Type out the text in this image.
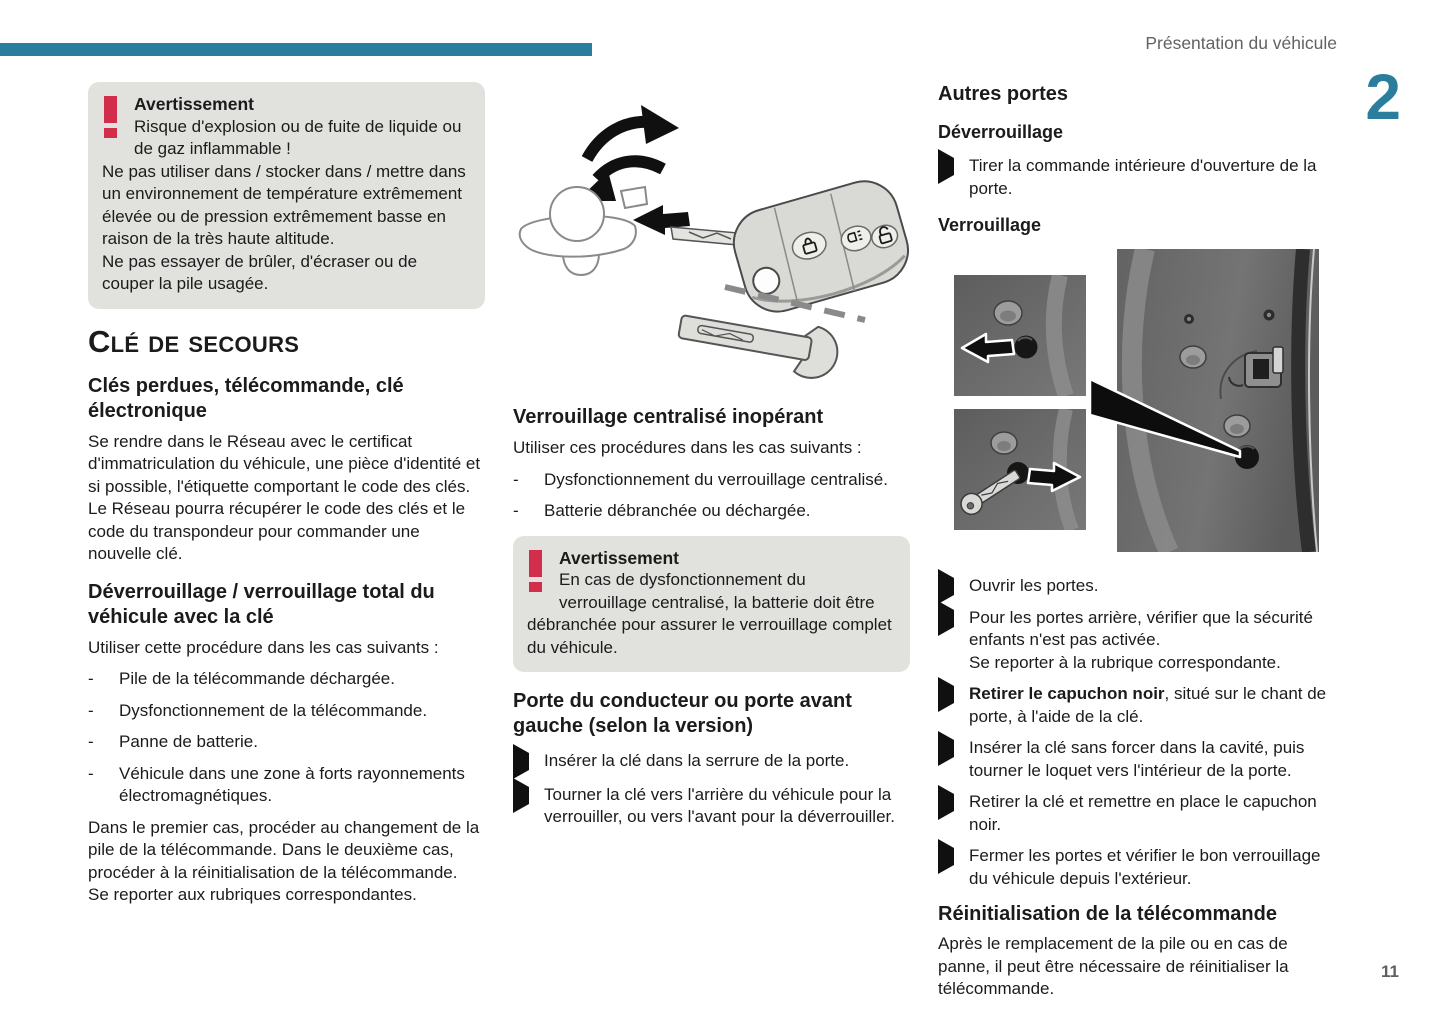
Présentation du véhicule
2
11
Avertissement

Risque d'explosion ou de fuite de liquide ou de gaz inflammable !

Ne pas utiliser dans / stocker dans / mettre dans un environnement de température extrêmement élevée ou de pression extrêmement basse en raison de la très haute altitude.

Ne pas essayer de brûler, d'écraser ou de couper la pile usagée.

Clé de secours
Clés perdues, télécommande, clé électronique

Se rendre dans le Réseau avec le certificat d'immatriculation du véhicule, une pièce d'identité et si possible, l'étiquette comportant le code des clés. Le Réseau pourra récupérer le code des clés et le code du transpondeur pour commander une nouvelle clé.

Déverrouillage / verrouillage total du véhicule avec la clé

Utiliser cette procédure dans les cas suivants :

-	Pile de la télécommande déchargée.

-	Dysfonctionnement de la télécommande.

-	Panne de batterie.

-	Véhicule dans une zone à forts rayonnements électromagnétiques.

Dans le premier cas, procéder au changement de la pile de la télécommande. Dans le deuxième cas, procéder à la réinitialisation de la télécommande.

Se reporter aux rubriques correspondantes.

Verrouillage centralisé inopérant

Utiliser ces procédures dans les cas suivants :

-	Dysfonctionnement du verrouillage centralisé.

-	Batterie débranchée ou déchargée.

Avertissement

En cas de dysfonctionnement du verrouillage centralisé, la batterie doit être débranchée pour assurer le verrouillage complet du véhicule.

Porte du conducteur ou porte avant gauche (selon la version)

Insérer la clé dans la serrure de la porte.

Tourner la clé vers l'arrière du véhicule pour la verrouiller, ou vers l'avant pour la déverrouiller.

Autres portes
Déverrouillage

Tirer la commande intérieure d'ouverture de la porte.

Verrouillage

Ouvrir les portes.

Pour les portes arrière, vérifier que la sécurité enfants n'est pas activée.

Se reporter à la rubrique correspondante.

Retirer le capuchon noir, situé sur le chant de porte, à l'aide de la clé.

Insérer la clé sans forcer dans la cavité, puis tourner le loquet vers l'intérieur de la porte.

Retirer la clé et remettre en place le capuchon noir.

Fermer les portes et vérifier le bon verrouillage du véhicule depuis l'extérieur.

Réinitialisation de la télécommande

Après le remplacement de la pile ou en cas de panne, il peut être nécessaire de réinitialiser la télécommande.
